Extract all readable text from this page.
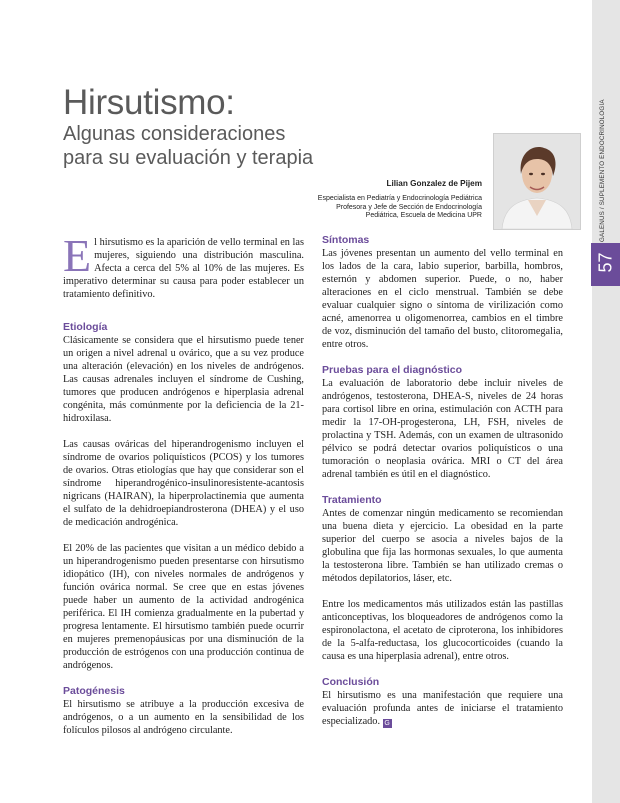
GALENUS / SUPLEMENTO ENDOCRINOLOGÍA
57
Hirsutismo:
Algunas consideraciones
para su evaluación y terapia
Lilian Gonzalez de Pijem
Especialista en Pediatría y Endocrinología Pediátrica
Profesora y Jefe de Sección de Endocrinología
Pediátrica, Escuela de Medicina UPR

El hirsutismo es la aparición de vello terminal en las mujeres, siguiendo una distribución masculina. Afecta a cerca del 5% al 10% de las mujeres. Es imperativo determinar su causa para poder establecer un tratamiento definitivo.

Etiología

Clásicamente se considera que el hirsutismo puede tener un origen a nivel adrenal u ovárico, que a su vez produce una alteración (elevación) en los niveles de andrógenos. Las causas adrenales incluyen el síndrome de Cushing, tumores que producen andrógenos e hiperplasia adrenal congénita, más comúnmente por la deficiencia de la 21-hidroxilasa.

Las causas ováricas del hiperandrogenismo incluyen el síndrome de ovarios poliquísticos (PCOS) y los tumores de ovarios. Otras etiologías que hay que considerar son el síndrome hiperandrogénico-insulinoresistente-acantosis nigricans (HAIRAN), la hiperprolactinemia que aumenta el sulfato de la dehidroepiandrosterona (DHEA) y el uso de medicación androgénica.

El 20% de las pacientes que visitan a un médico debido a un hiperandrogenismo pueden presentarse con hirsutismo idiopático (IH), con niveles normales de andrógenos y función ovárica normal. Se cree que en estas jóvenes puede haber un aumento de la actividad androgénica periférica. El IH comienza gradualmente en la pubertad y progresa lentamente. El hirsutismo también puede ocurrir en mujeres premenopáusicas por una disminución de la producción de estrógenos con una producción continua de andrógenos.

Patogénesis

El hirsutismo se atribuye a la producción excesiva de andrógenos, o a un aumento en la sensibilidad de los folículos pilosos al andrógeno circulante.

Síntomas

Las jóvenes presentan un aumento del vello terminal en los lados de la cara, labio superior, barbilla, hombros, esternón y abdomen superior. Puede, o no, haber alteraciones en el ciclo menstrual. También se debe evaluar cualquier signo o síntoma de virilización como acné, amenorrea u oligomenorrea, cambios en el timbre de voz, disminución del tamaño del busto, clitoromegalia, entre otros.

Pruebas para el diagnóstico

La evaluación de laboratorio debe incluir niveles de andrógenos, testosterona, DHEA-S, niveles de 24 horas para cortisol libre en orina, estimulación con ACTH para medir la 17-OH-progesterona, LH, FSH, niveles de prolactina y TSH. Además, con un examen de ultrasonido pélvico se podrá detectar ovarios poliquísticos o una tumoración o neoplasia ovárica. MRI o CT del área adrenal también es útil en el diagnóstico.

Tratamiento

Antes de comenzar ningún medicamento se recomiendan una buena dieta y ejercicio. La obesidad en la parte superior del cuerpo se asocia a niveles bajos de la globulina que fija las hormonas sexuales, lo que aumenta la testosterona libre. También se han utilizado cremas o métodos depilatorios, láser, etc.

Entre los medicamentos más utilizados están las pastillas anticonceptivas, los bloqueadores de andrógenos como la espironolactona, el acetato de ciproterona, los inhibidores de la 5-alfa-reductasa, los glucocorticoides (cuando la causa es una hiperplasia adrenal), entre otros.

Conclusión

El hirsutismo es una manifestación que requiere una evaluación profunda antes de iniciarse el tratamiento especializado. G
